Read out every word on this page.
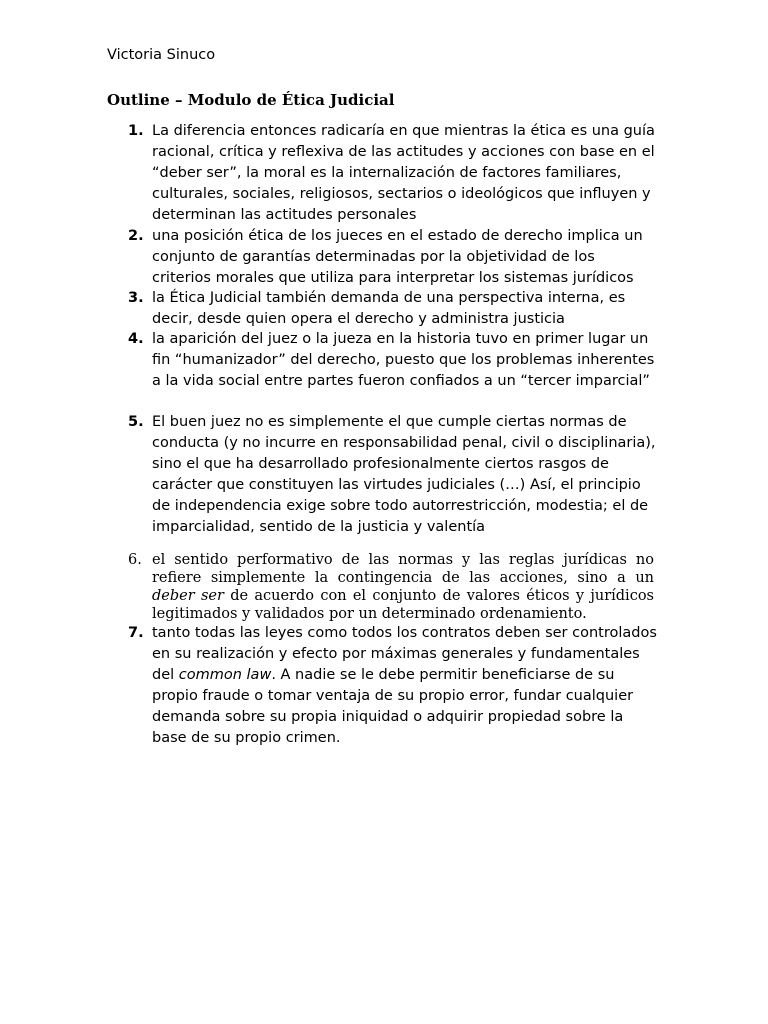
Victoria Sinuco
Outline – Modulo de Ética Judicial
1. La diferencia entonces radicaría en que mientras la ética es una guía racional, crítica y reflexiva de las actitudes y acciones con base en el “deber ser”, la moral es la internalización de factores familiares, culturales, sociales, religiosos, sectarios o ideológicos que influyen y determinan las actitudes personales
2. una posición ética de los jueces en el estado de derecho implica un conjunto de garantías determinadas por la objetividad de los criterios morales que utiliza para interpretar los sistemas jurídicos
3. la Ética Judicial también demanda de una perspectiva interna, es decir, desde quien opera el derecho y administra justicia
4. la aparición del juez o la jueza en la historia tuvo en primer lugar un fin “humanizador” del derecho, puesto que los problemas inherentes a la vida social entre partes fueron confiados a un “tercer imparcial”
5. El buen juez no es simplemente el que cumple ciertas normas de conducta (y no incurre en responsabilidad penal, civil o disciplinaria), sino el que ha desarrollado profesionalmente ciertos rasgos de carácter que constituyen las virtudes judiciales (…) Así, el principio de independencia exige sobre todo autorrestricción, modestia; el de imparcialidad, sentido de la justicia y valentía
6. el sentido performativo de las normas y las reglas jurídicas no refiere simplemente la contingencia de las acciones, sino a un deber ser de acuerdo con el conjunto de valores éticos y jurídicos legitimados y validados por un determinado ordenamiento.
7. tanto todas las leyes como todos los contratos deben ser controlados en su realización y efecto por máximas generales y fundamentales del common law. A nadie se le debe permitir beneficiarse de su propio fraude o tomar ventaja de su propio error, fundar cualquier demanda sobre su propia iniquidad o adquirir propiedad sobre la base de su propio crimen.
